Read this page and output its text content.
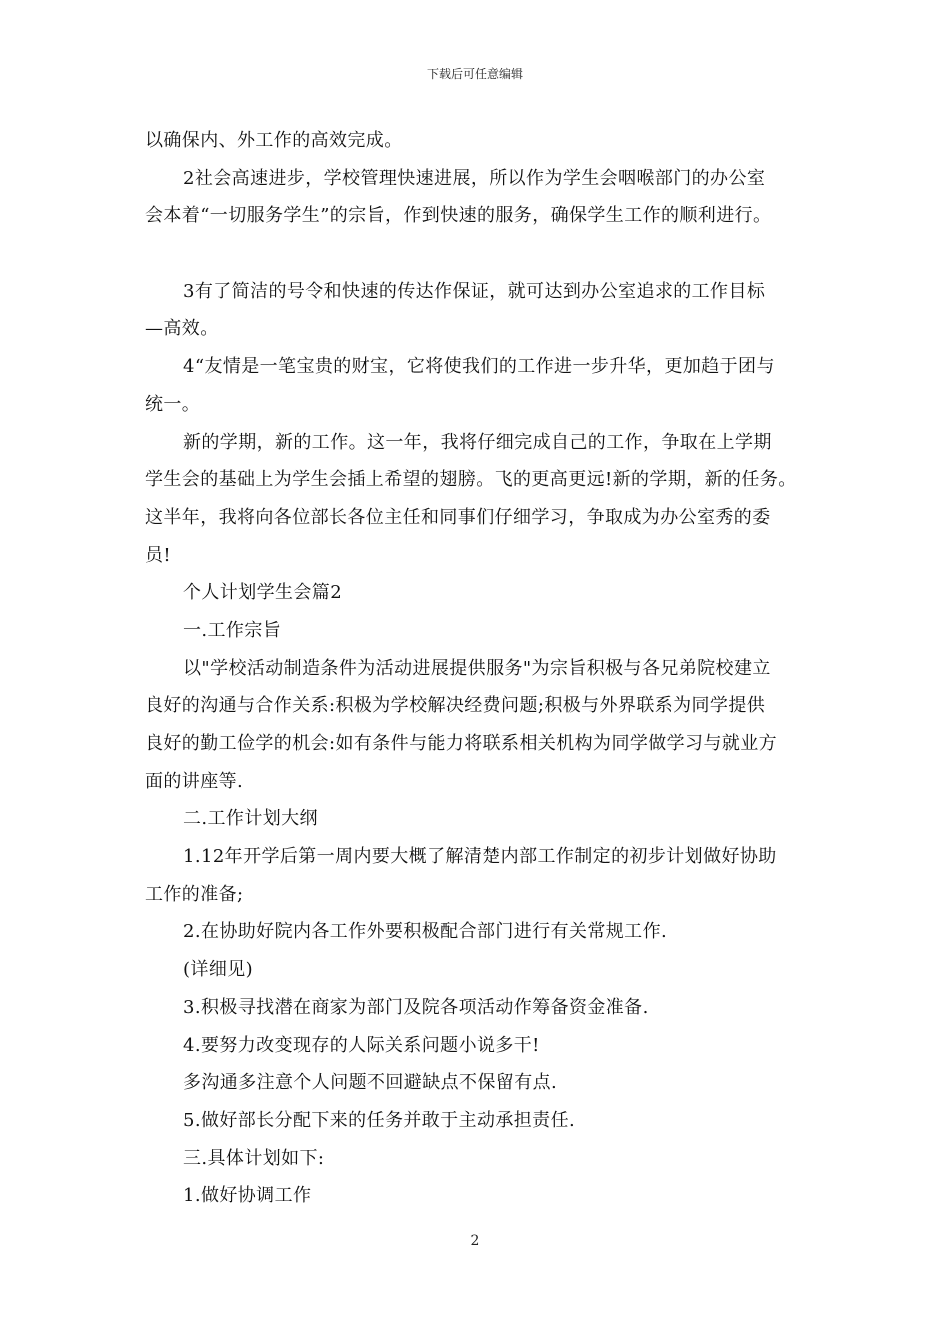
下载后可任意编辑
以确保内、外工作的高效完成。
2社会高速进步，学校管理快速进展，所以作为学生会咽喉部门的办公室
会本着“一切服务学生”的宗旨，作到快速的服务，确保学生工作的顺利进行。
3有了简洁的号令和快速的传达作保证，就可达到办公室追求的工作目标
—高效。
4“友情是一笔宝贵的财宝，它将使我们的工作进一步升华，更加趋于团与
统一。
新的学期，新的工作。这一年，我将仔细完成自己的工作，争取在上学期
学生会的基础上为学生会插上希望的翅膀。飞的更高更远!新的学期，新的任务。
这半年，我将向各位部长各位主任和同事们仔细学习，争取成为办公室秀的委
员!
个人计划学生会篇2
一.工作宗旨
以"学校活动制造条件为活动进展提供服务"为宗旨积极与各兄弟院校建立
良好的沟通与合作关系:积极为学校解决经费问题;积极与外界联系为同学提供
良好的勤工俭学的机会:如有条件与能力将联系相关机构为同学做学习与就业方
面的讲座等.
二.工作计划大纲
1.12年开学后第一周内要大概了解清楚内部工作制定的初步计划做好协助
工作的准备;
2.在协助好院内各工作外要积极配合部门进行有关常规工作.
(详细见)
3.积极寻找潜在商家为部门及院各项活动作筹备资金准备.
4.要努力改变现存的人际关系问题小说多干!
多沟通多注意个人问题不回避缺点不保留有点.
5.做好部长分配下来的任务并敢于主动承担责任.
三.具体计划如下:
1.做好协调工作
2
